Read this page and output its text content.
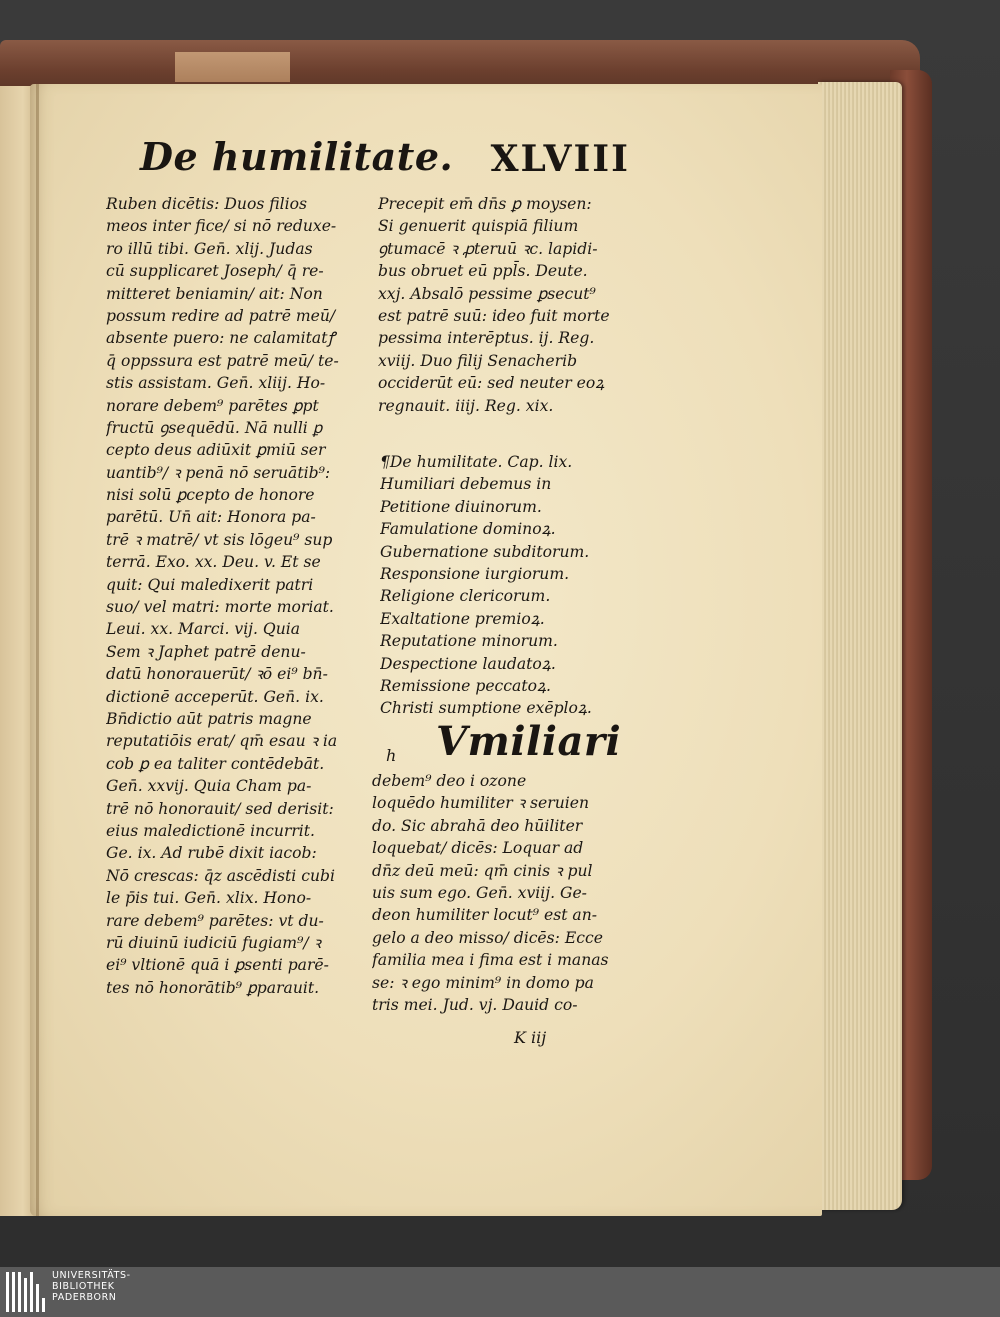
De humilitate. XLVIII
Ruben dicētis: Duos filios
meos inter fice/ si nō reduxe-
ro illū tibi. Gen̄. xlij. Judas
cū supplicaret Joseph/ q̄ re-
mitteret beniamin/ ait: Non
possum redire ad patrē meū/
absente puero: ne calamitatꝭ
q̄ oppssura est patrē meū/ te-
stis assistam. Gen̄. xliij. Ho-
norare debem⁹ parētes ꝑpt
fructū ꝯsequēdū. Nā nulli ꝑ
cepto deus adiūxit ꝑmiū ser
uantib⁹/ ꝛ penā nō seruātib⁹:
nisi solū ꝑcepto de honore
parētū. Un̄ ait: Honora pa-
trē ꝛ matrē/ vt sis lōgeu⁹ sup
terrā. Exo. xx. Deu. v. Et se
quit: Qui maledixerit patri
suo/ vel matri: morte moriat.
Leui. xx. Marci. vij. Quia
Sem ꝛ Japhet patrē denu-
datū honorauerūt/ ꝛō ei⁹ bn̄-
dictionē acceperūt. Gen̄. ix.
Bn̄dictio aūt patris magne
reputatiōis erat/ qm̄ esau ꝛ ia
cob ꝑ ea taliter contēdebāt.
Gen̄. xxvij. Quia Cham pa-
trē nō honorauit/ sed derisit:
eius maledictionē incurrit.
Ge. ix. Ad rubē dixit iacob:
Nō crescas: q̄z ascēdisti cubi
le p̄is tui. Gen̄. xlix. Hono-
rare debem⁹ parētes: vt du-
rū diuinū iudiciū fugiam⁹/ ꝛ
ei⁹ vltionē quā i ꝑsenti parē-
tes nō honorātib⁹ ꝑparauit.
Precepit em̄ dn̄s ꝑ moysen:
Si genuerit quispiā filium
ꝯtumacē ꝛ ꝓteruū ꝛc. lapidi-
bus obruet eū ppl̄s. Deute.
xxj. Absalō pessime ꝑsecut⁹
est patrē suū: ideo fuit morte
pessima interēptus. ij. Reg.
xviij. Duo filij Senacherib
occiderūt eū: sed neuter eoꝝ
regnauit. iiij. Reg. xix.
¶De humilitate. Cap. lix.
Humiliari debemus in
Petitione diuinorum.
Famulatione dominoꝝ.
Gubernatione subditorum.
Responsione iurgiorum.
Religione clericorum.
Exaltatione premioꝝ.
Reputatione minorum.
Despectione laudatoꝝ.
Remissione peccatoꝝ.
Christi sumptione exēploꝝ.
h Vmiliari
debem⁹ deo i ozone
loquēdo humiliter ꝛ seruien
do. Sic abrahā deo hūiliter
loquebat/ dicēs: Loquar ad
dn̄z deū meū: qm̄ cinis ꝛ pul
uis sum ego. Gen̄. xviij. Ge-
deon humiliter locut⁹ est an-
gelo a deo misso/ dicēs: Ecce
familia mea i fima est i manas
se: ꝛ ego minim⁹ in domo pa
tris mei. Jud. vj. Dauid co-
K iij
UNIVERSITÄTS-
BIBLIOTHEK
PADERBORN
